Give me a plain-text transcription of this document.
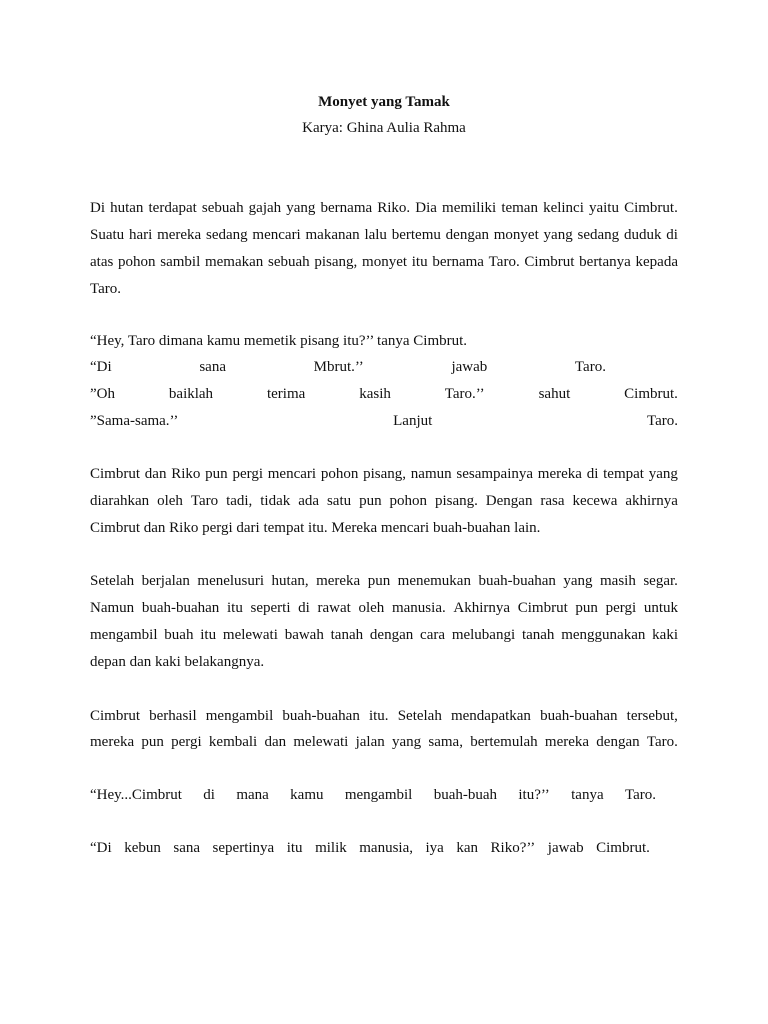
Monyet yang Tamak
Karya: Ghina Aulia Rahma
Di hutan terdapat sebuah gajah yang bernama Riko. Dia memiliki teman kelinci yaitu Cimbrut.
Suatu hari mereka sedang mencari makanan lalu bertemu dengan monyet yang sedang duduk di
atas pohon sambil memakan sebuah pisang, monyet itu bernama Taro. Cimbrut bertanya kepada
Taro.
“Hey, Taro dimana kamu memetik pisang itu?’’ tanya Cimbrut.
“Di	sana	Mbrut.’’	jawab	Taro.
”Oh	baiklah	terima	kasih	Taro.’’	sahut	Cimbrut.
”Sama-sama.’’	Lanjut	Taro.
Cimbrut dan Riko pun pergi mencari pohon pisang, namun sesampainya mereka di tempat yang
diarahkan oleh Taro tadi, tidak ada satu pun pohon pisang. Dengan rasa kecewa akhirnya
Cimbrut dan Riko pergi dari tempat itu. Mereka mencari buah-buahan lain.
Setelah berjalan menelusuri hutan, mereka pun menemukan buah-buahan yang masih segar.
Namun buah-buahan itu seperti di rawat oleh manusia. Akhirnya Cimbrut pun pergi untuk
mengambil buah itu melewati bawah tanah dengan cara melubangi tanah menggunakan kaki
depan dan kaki belakangnya.
Cimbrut berhasil mengambil buah-buahan itu. Setelah mendapatkan buah-buahan tersebut,
mereka pun pergi kembali dan melewati jalan yang sama, bertemulah mereka dengan Taro.
“Hey...Cimbrut di mana kamu mengambil buah-buah itu?’’ tanya Taro.
“Di kebun sana sepertinya itu milik manusia, iya kan Riko?’’ jawab Cimbrut.
